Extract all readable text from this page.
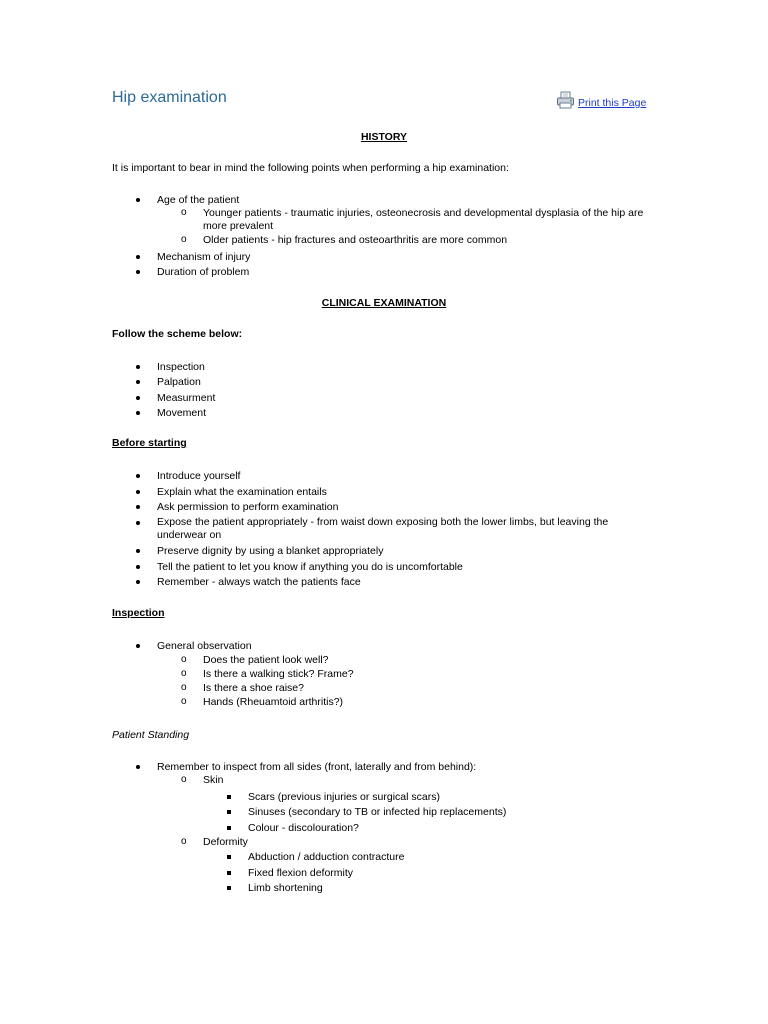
Hip examination	Print this Page
HISTORY
It is important to bear in mind the following points when performing a hip examination:
Age of the patient
o Younger patients - traumatic injuries, osteonecrosis and developmental dysplasia of the hip are more prevalent
o Older patients - hip fractures and osteoarthritis are more common
Mechanism of injury
Duration of problem
CLINICAL EXAMINATION
Follow the scheme below:
Inspection
Palpation
Measurment
Movement
Before starting
Introduce yourself
Explain what the examination entails
Ask permission to perform examination
Expose the patient appropriately - from waist down exposing both the lower limbs, but leaving the underwear on
Preserve dignity by using a blanket appropriately
Tell the patient to let you know if anything you do is uncomfortable
Remember - always watch the patients face
Inspection
General observation
o Does the patient look well?
o Is there a walking stick? Frame?
o Is there a shoe raise?
o Hands (Rheuamtoid arthritis?)
Patient Standing
Remember to inspect from all sides (front, laterally and from behind):
o Skin
Scars (previous injuries or surgical scars)
Sinuses (secondary to TB or infected hip replacements)
Colour - discolouration?
o Deformity
Abduction / adduction contracture
Fixed flexion deformity
Limb shortening
